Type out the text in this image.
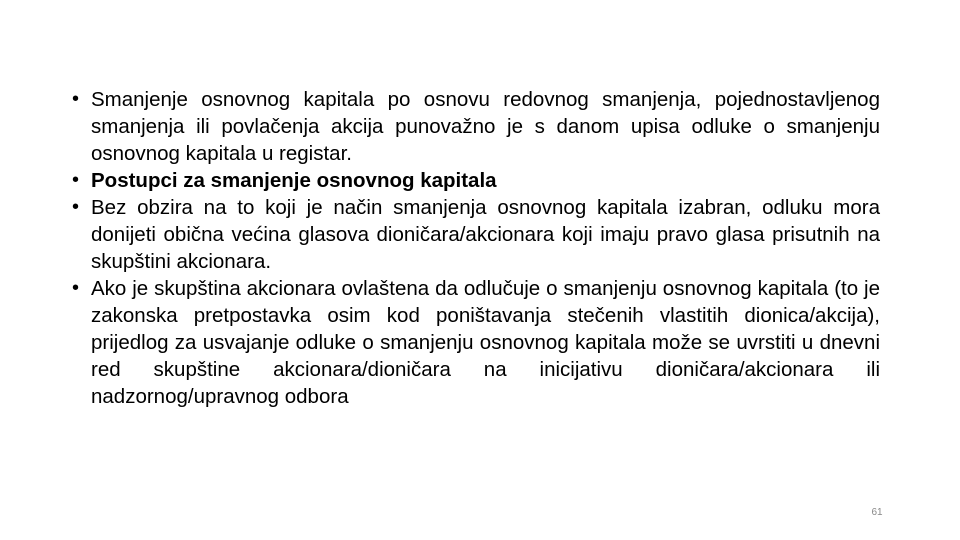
• Smanjenje osnovnog kapitala po osnovu redovnog smanjenja, pojednostavljenog smanjenja ili povlačenja akcija punovažno je s danom upisa odluke o smanjenju osnovnog kapitala u registar.
• Postupci za smanjenje osnovnog kapitala
• Bez obzira na to koji je način smanjenja osnovnog kapitala izabran, odluku mora donijeti obična većina glasova dioničara/akcionara koji imaju pravo glasa prisutnih na skupštini akcionara.
• Ako je skupština akcionara ovlaštena da odlučuje o smanjenju osnovnog kapitala (to je zakonska pretpostavka osim kod poništavanja stečenih vlastitih dionica/akcija), prijedlog za usvajanje odluke o smanjenju osnovnog kapitala može se uvrstiti u dnevni red skupštine akcionara/dioničara na inicijativu dioničara/akcionara ili nadzornog/upravnog odbora
61
